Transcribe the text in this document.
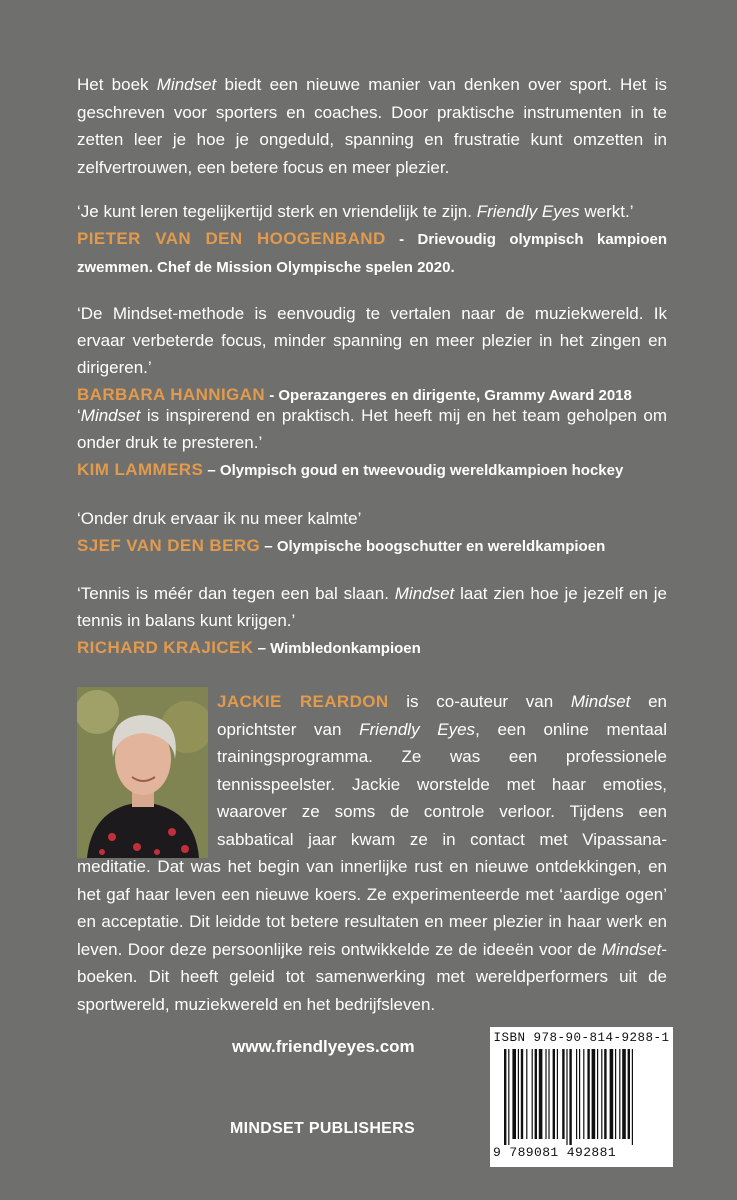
Het boek Mindset biedt een nieuwe manier van denken over sport. Het is geschreven voor sporters en coaches. Door praktische instrumenten in te zetten leer je hoe je ongeduld, spanning en frustratie kunt omzetten in zelfvertrouwen, een betere focus en meer plezier.

‘Je kunt leren tegelijkertijd sterk en vriendelijk te zijn. Friendly Eyes werkt.’

PIETER VAN DEN HOOGENBAND - Drievoudig olympisch kampioen zwemmen. Chef de Mission Olympische spelen 2020.

‘De Mindset-methode is eenvoudig te vertalen naar de muziekwereld. Ik ervaar verbeterde focus, minder spanning en meer plezier in het zingen en dirigeren.’

BARBARA HANNIGAN - Operazangeres en dirigente, Grammy Award 2018

‘Mindset is inspirerend en praktisch. Het heeft mij en het team geholpen om onder druk te presteren.’

KIM LAMMERS – Olympisch goud en tweevoudig wereldkampioen hockey

‘Onder druk ervaar ik nu meer kalmte’

SJEF VAN DEN BERG – Olympische boogschutter en wereldkampioen

‘Tennis is méér dan tegen een bal slaan. Mindset laat zien hoe je jezelf en je tennis in balans kunt krijgen.’

RICHARD KRAJICEK – Wimbledonkampioen

JACKIE REARDON is co-auteur van Mindset en oprichtster van Friendly Eyes, een online mentaal trainingsprogramma. Ze was een professionele tennisspeelster. Jackie worstelde met haar emoties, waarover ze soms de controle verloor. Tijdens een sabbatical jaar kwam ze in contact met Vipassana-meditatie. Dat was het begin van innerlijke rust en nieuwe ontdekkingen, en het gaf haar leven een nieuwe koers. Ze experimenteerde met ‘aardige ogen’ en acceptatie. Dit leidde tot betere resultaten en meer plezier in haar werk en leven. Door deze persoonlijke reis ontwikkelde ze de ideeën voor de Mindset-boeken. Dit heeft geleid tot samenwerking met wereldperformers uit de sportwereld, muziekwereld en het bedrijfsleven.

www.friendlyeyes.com
MINDSET PUBLISHERS
ISBN 978-90-814-9288-1
9 789081 492881
